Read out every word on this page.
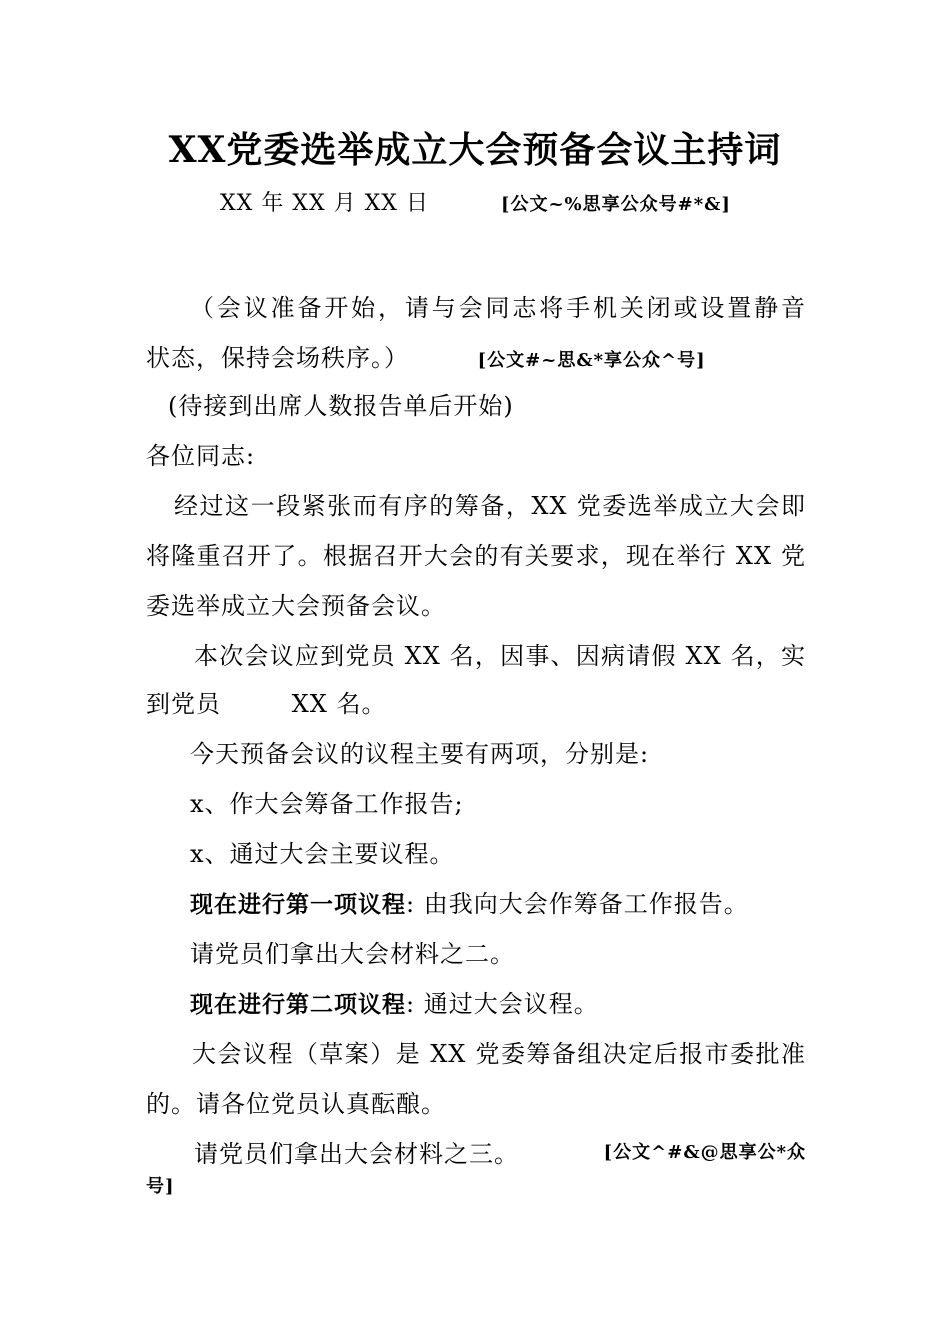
XX党委选举成立大会预备会议主持词
XX 年 XX 月 XX 日	[公文~%思享公众号#*&]
（会议准备开始，请与会同志将手机关闭或设置静音
状态，保持会场秩序。）	[公文#~思&*享公众^号]
(待接到出席人数报告单后开始)
各位同志:
经过这一段紧张而有序的筹备，XX 党委选举成立大会即
将隆重召开了。根据召开大会的有关要求，现在举行 XX 党
委选举成立大会预备会议。
本次会议应到党员 XX 名，因事、因病请假 XX 名，实
到党员	XX 名。
今天预备会议的议程主要有两项，分别是:
x、作大会筹备工作报告;
x、通过大会主要议程。
现在进行第一项议程: 由我向大会作筹备工作报告。
请党员们拿出大会材料之二。
现在进行第二项议程: 通过大会议程。
大会议程（草案）是 XX 党委筹备组决定后报市委批准
的。请各位党员认真酝酿。
请党员们拿出大会材料之三。	[公文^#&@思享公*众
号]
